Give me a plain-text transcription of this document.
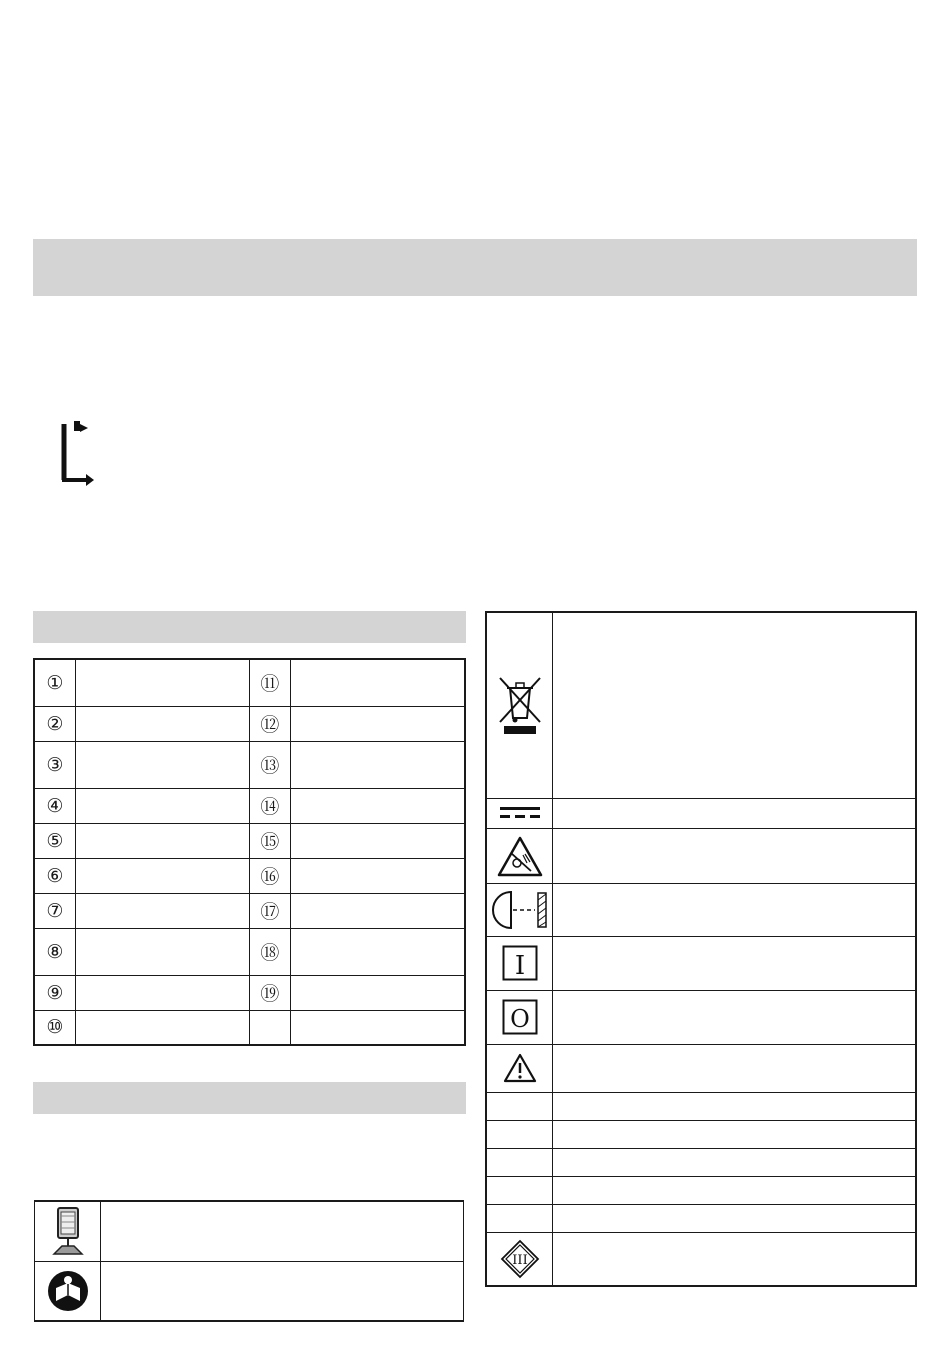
①		⑪	
②		⑫	
③		⑬	
④		⑭	
⑤		⑮	
⑥		⑯	
⑦		⑰	
⑧		⑱	
⑨		⑲	
⑩			

I	

O	

III	
